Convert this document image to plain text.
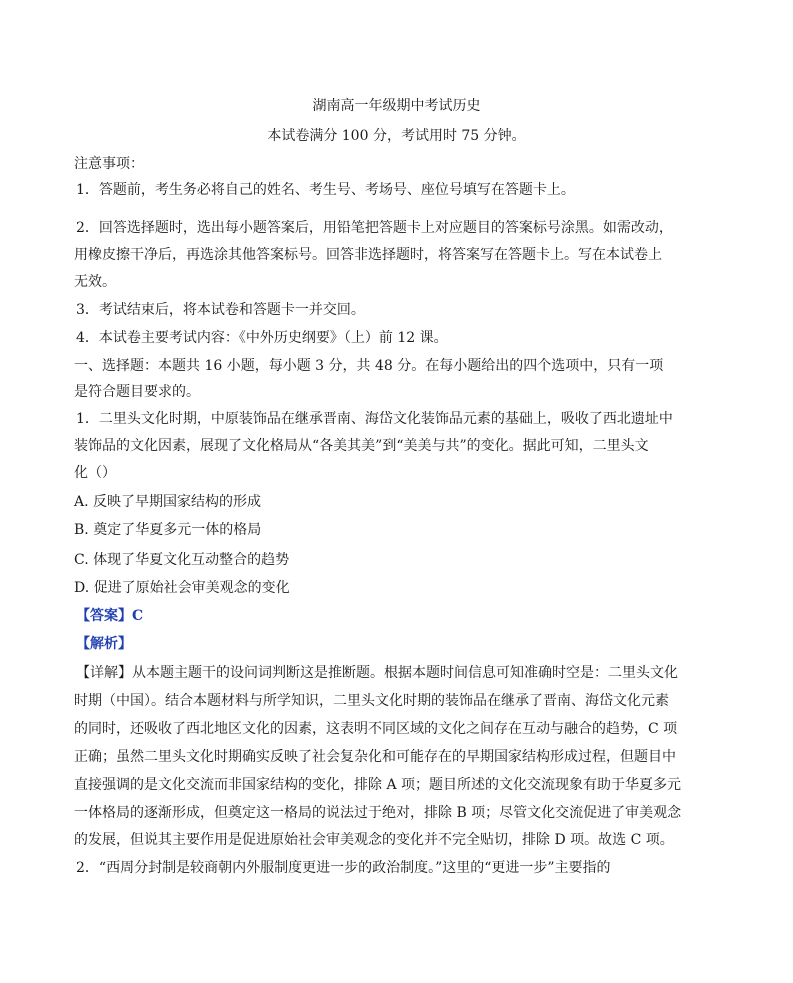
湖南高一年级期中考试历史
本试卷满分 100 分，考试用时 75 分钟。
注意事项：
1．答题前，考生务必将自己的姓名、考生号、考场号、座位号填写在答题卡上。
2．回答选择题时，选出每小题答案后，用铅笔把答题卡上对应题目的答案标号涂黑。如需改动，
用橡皮擦干净后，再选涂其他答案标号。回答非选择题时，将答案写在答题卡上。写在本试卷上
无效。
3．考试结束后，将本试卷和答题卡一并交回。
4．本试卷主要考试内容：《中外历史纲要》（上）前 12 课。
一、选择题：本题共 16 小题，每小题 3 分，共 48 分。在每小题给出的四个选项中，只有一项
是符合题目要求的。
1．二里头文化时期，中原装饰品在继承晋南、海岱文化装饰品元素的基础上，吸收了西北遗址中
装饰品的文化因素，展现了文化格局从“各美其美”到“美美与共”的变化。据此可知，二里头文
化（）
A. 反映了早期国家结构的形成
B. 奠定了华夏多元一体的格局
C. 体现了华夏文化互动整合的趋势
D. 促进了原始社会审美观念的变化
【答案】C
【解析】
【详解】从本题主题干的设问词判断这是推断题。根据本题时间信息可知准确时空是：二里头文化
时期（中国）。结合本题材料与所学知识，二里头文化时期的装饰品在继承了晋南、海岱文化元素
的同时，还吸收了西北地区文化的因素，这表明不同区域的文化之间存在互动与融合的趋势，C 项
正确；虽然二里头文化时期确实反映了社会复杂化和可能存在的早期国家结构形成过程，但题目中
直接强调的是文化交流而非国家结构的变化，排除 A 项；题目所述的文化交流现象有助于华夏多元
一体格局的逐渐形成，但奠定这一格局的说法过于绝对，排除 B 项；尽管文化交流促进了审美观念
的发展，但说其主要作用是促进原始社会审美观念的变化并不完全贴切，排除 D 项。故选 C 项。
2．“西周分封制是较商朝内外服制度更进一步的政治制度。”这里的“更进一步”主要指的
